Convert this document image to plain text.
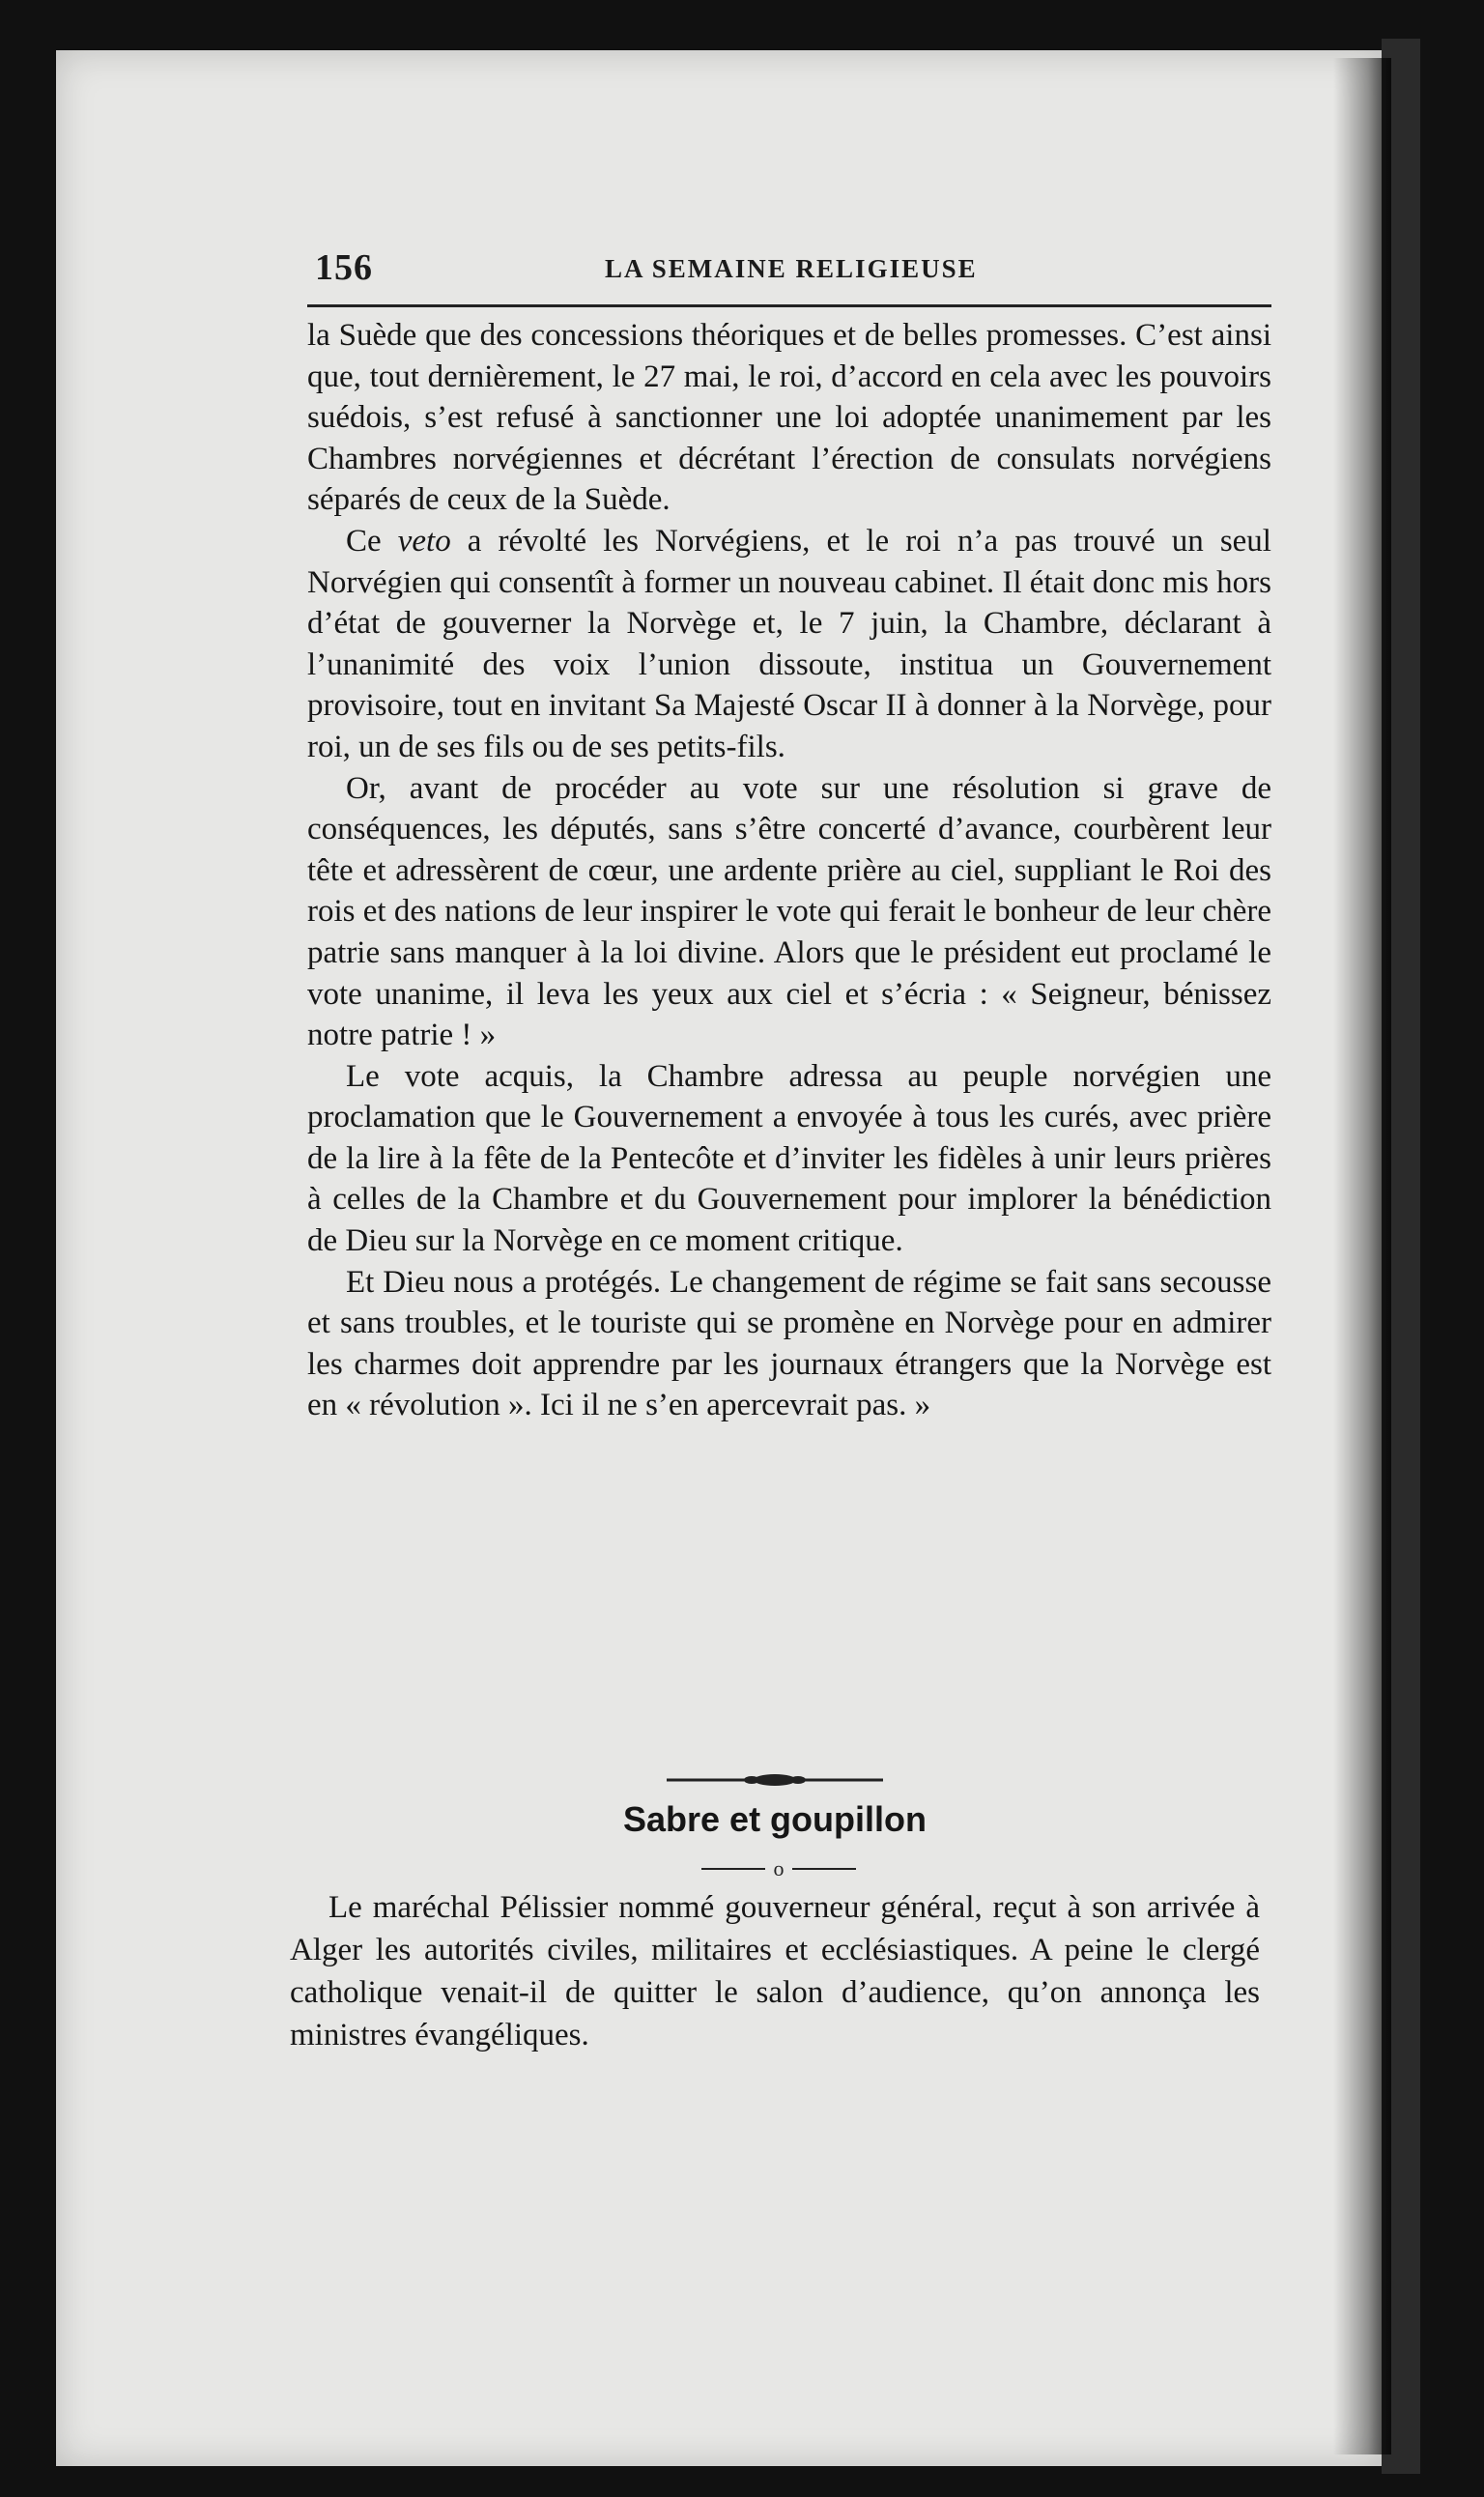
156	LA SEMAINE RELIGIEUSE

la Suède que des concessions théoriques et de belles promesses. C’est ainsi que, tout dernièrement, le 27 mai, le roi, d’accord en cela avec les pouvoirs suédois, s’est refusé à sanctionner une loi adoptée unanimement par les Chambres norvégiennes et décrétant l’érection de consulats norvégiens séparés de ceux de la Suède.

Ce veto a révolté les Norvégiens, et le roi n’a pas trouvé un seul Norvégien qui consentît à former un nouveau cabinet. Il était donc mis hors d’état de gouverner la Norvège et, le 7 juin, la Chambre, déclarant à l’unanimité des voix l’union dissoute, institua un Gouvernement provisoire, tout en invitant Sa Majesté Oscar II à donner à la Norvège, pour roi, un de ses fils ou de ses petits-fils.

Or, avant de procéder au vote sur une résolution si grave de conséquences, les députés, sans s’être concerté d’avance, courbèrent leur tête et adressèrent de cœur, une ardente prière au ciel, suppliant le Roi des rois et des nations de leur inspirer le vote qui ferait le bonheur de leur chère patrie sans manquer à la loi divine. Alors que le président eut proclamé le vote unanime, il leva les yeux aux ciel et s’écria : « Seigneur, bénissez notre patrie ! »

Le vote acquis, la Chambre adressa au peuple norvégien une proclamation que le Gouvernement a envoyée à tous les curés, avec prière de la lire à la fête de la Pentecôte et d’inviter les fidèles à unir leurs prières à celles de la Chambre et du Gouvernement pour implorer la bénédiction de Dieu sur la Norvège en ce moment critique.

Et Dieu nous a protégés. Le changement de régime se fait sans secousse et sans troubles, et le touriste qui se promène en Norvège pour en admirer les charmes doit apprendre par les journaux étrangers que la Norvège est en « révolution ». Ici il ne s’en apercevrait pas. »

Sabre et goupillon
o

Le maréchal Pélissier nommé gouverneur général, reçut à son arrivée à Alger les autorités civiles, militaires et ecclésiastiques. A peine le clergé catholique venait-il de quitter le salon d’audience, qu’on annonça les ministres évangéliques.
